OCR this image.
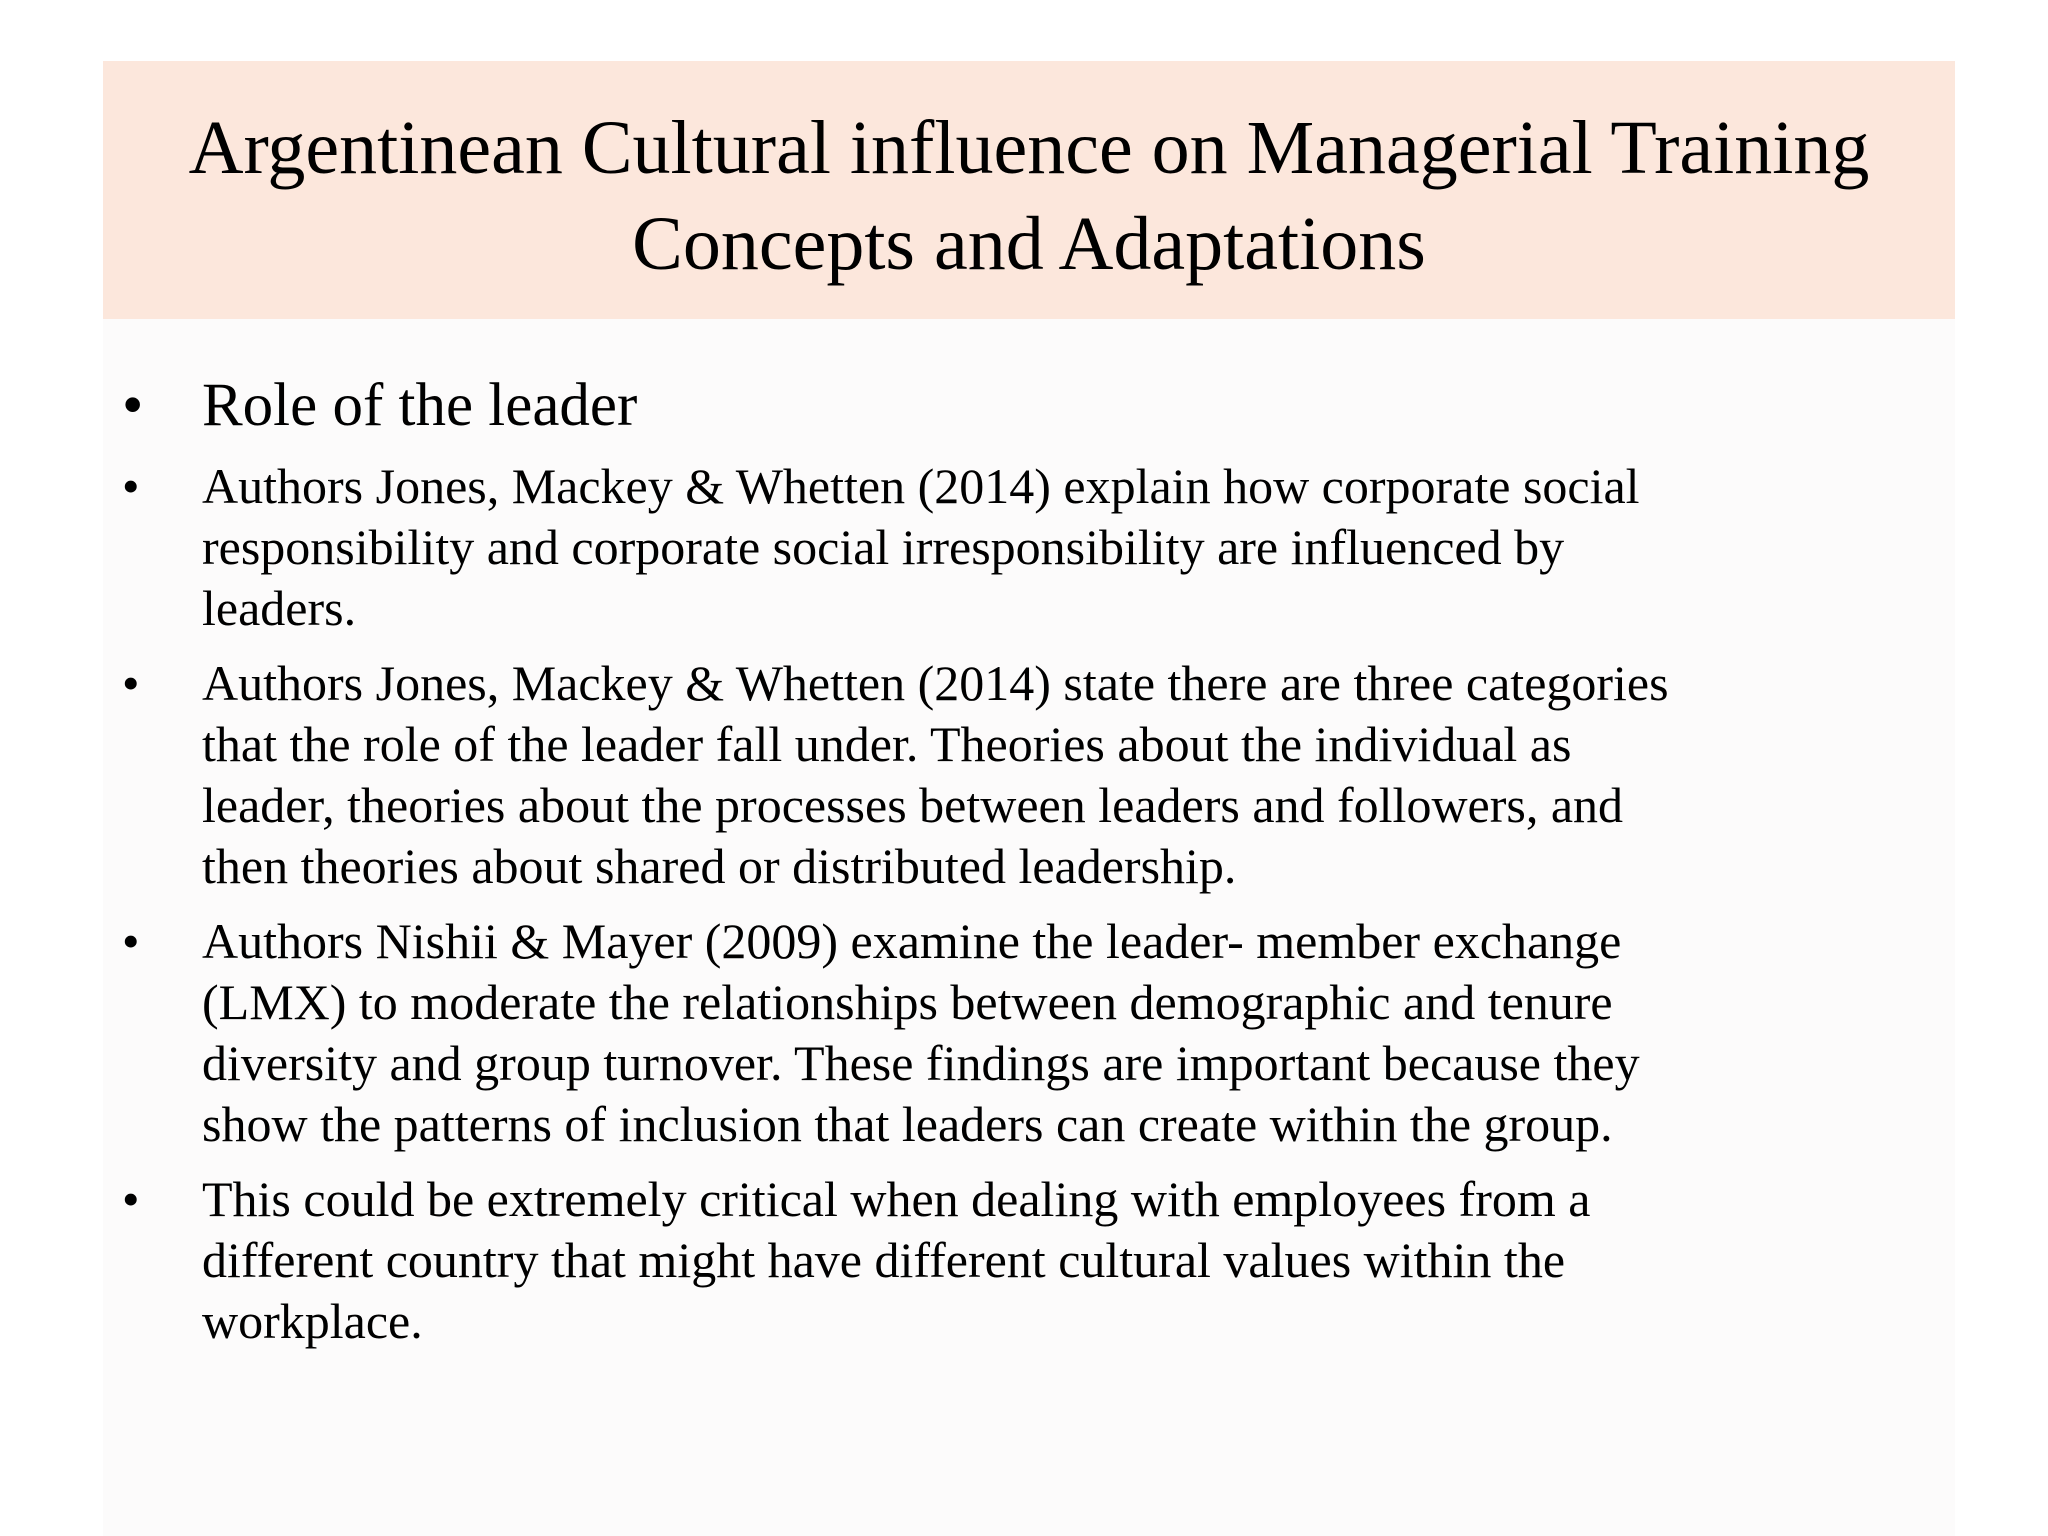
Argentinean Cultural influence on Managerial Training
Concepts and Adaptations
• Role of the leader
• Authors Jones, Mackey & Whetten (2014) explain how corporate social
responsibility and corporate social irresponsibility are influenced by
leaders.
• Authors Jones, Mackey & Whetten (2014) state there are three categories
that the role of the leader fall under. Theories about the individual as
leader, theories about the processes between leaders and followers, and
then theories about shared or distributed leadership.
• Authors Nishii & Mayer (2009) examine the leader- member exchange
(LMX) to moderate the relationships between demographic and tenure
diversity and group turnover. These findings are important because they
show the patterns of inclusion that leaders can create within the group.
• This could be extremely critical when dealing with employees from a
different country that might have different cultural values within the
workplace.
